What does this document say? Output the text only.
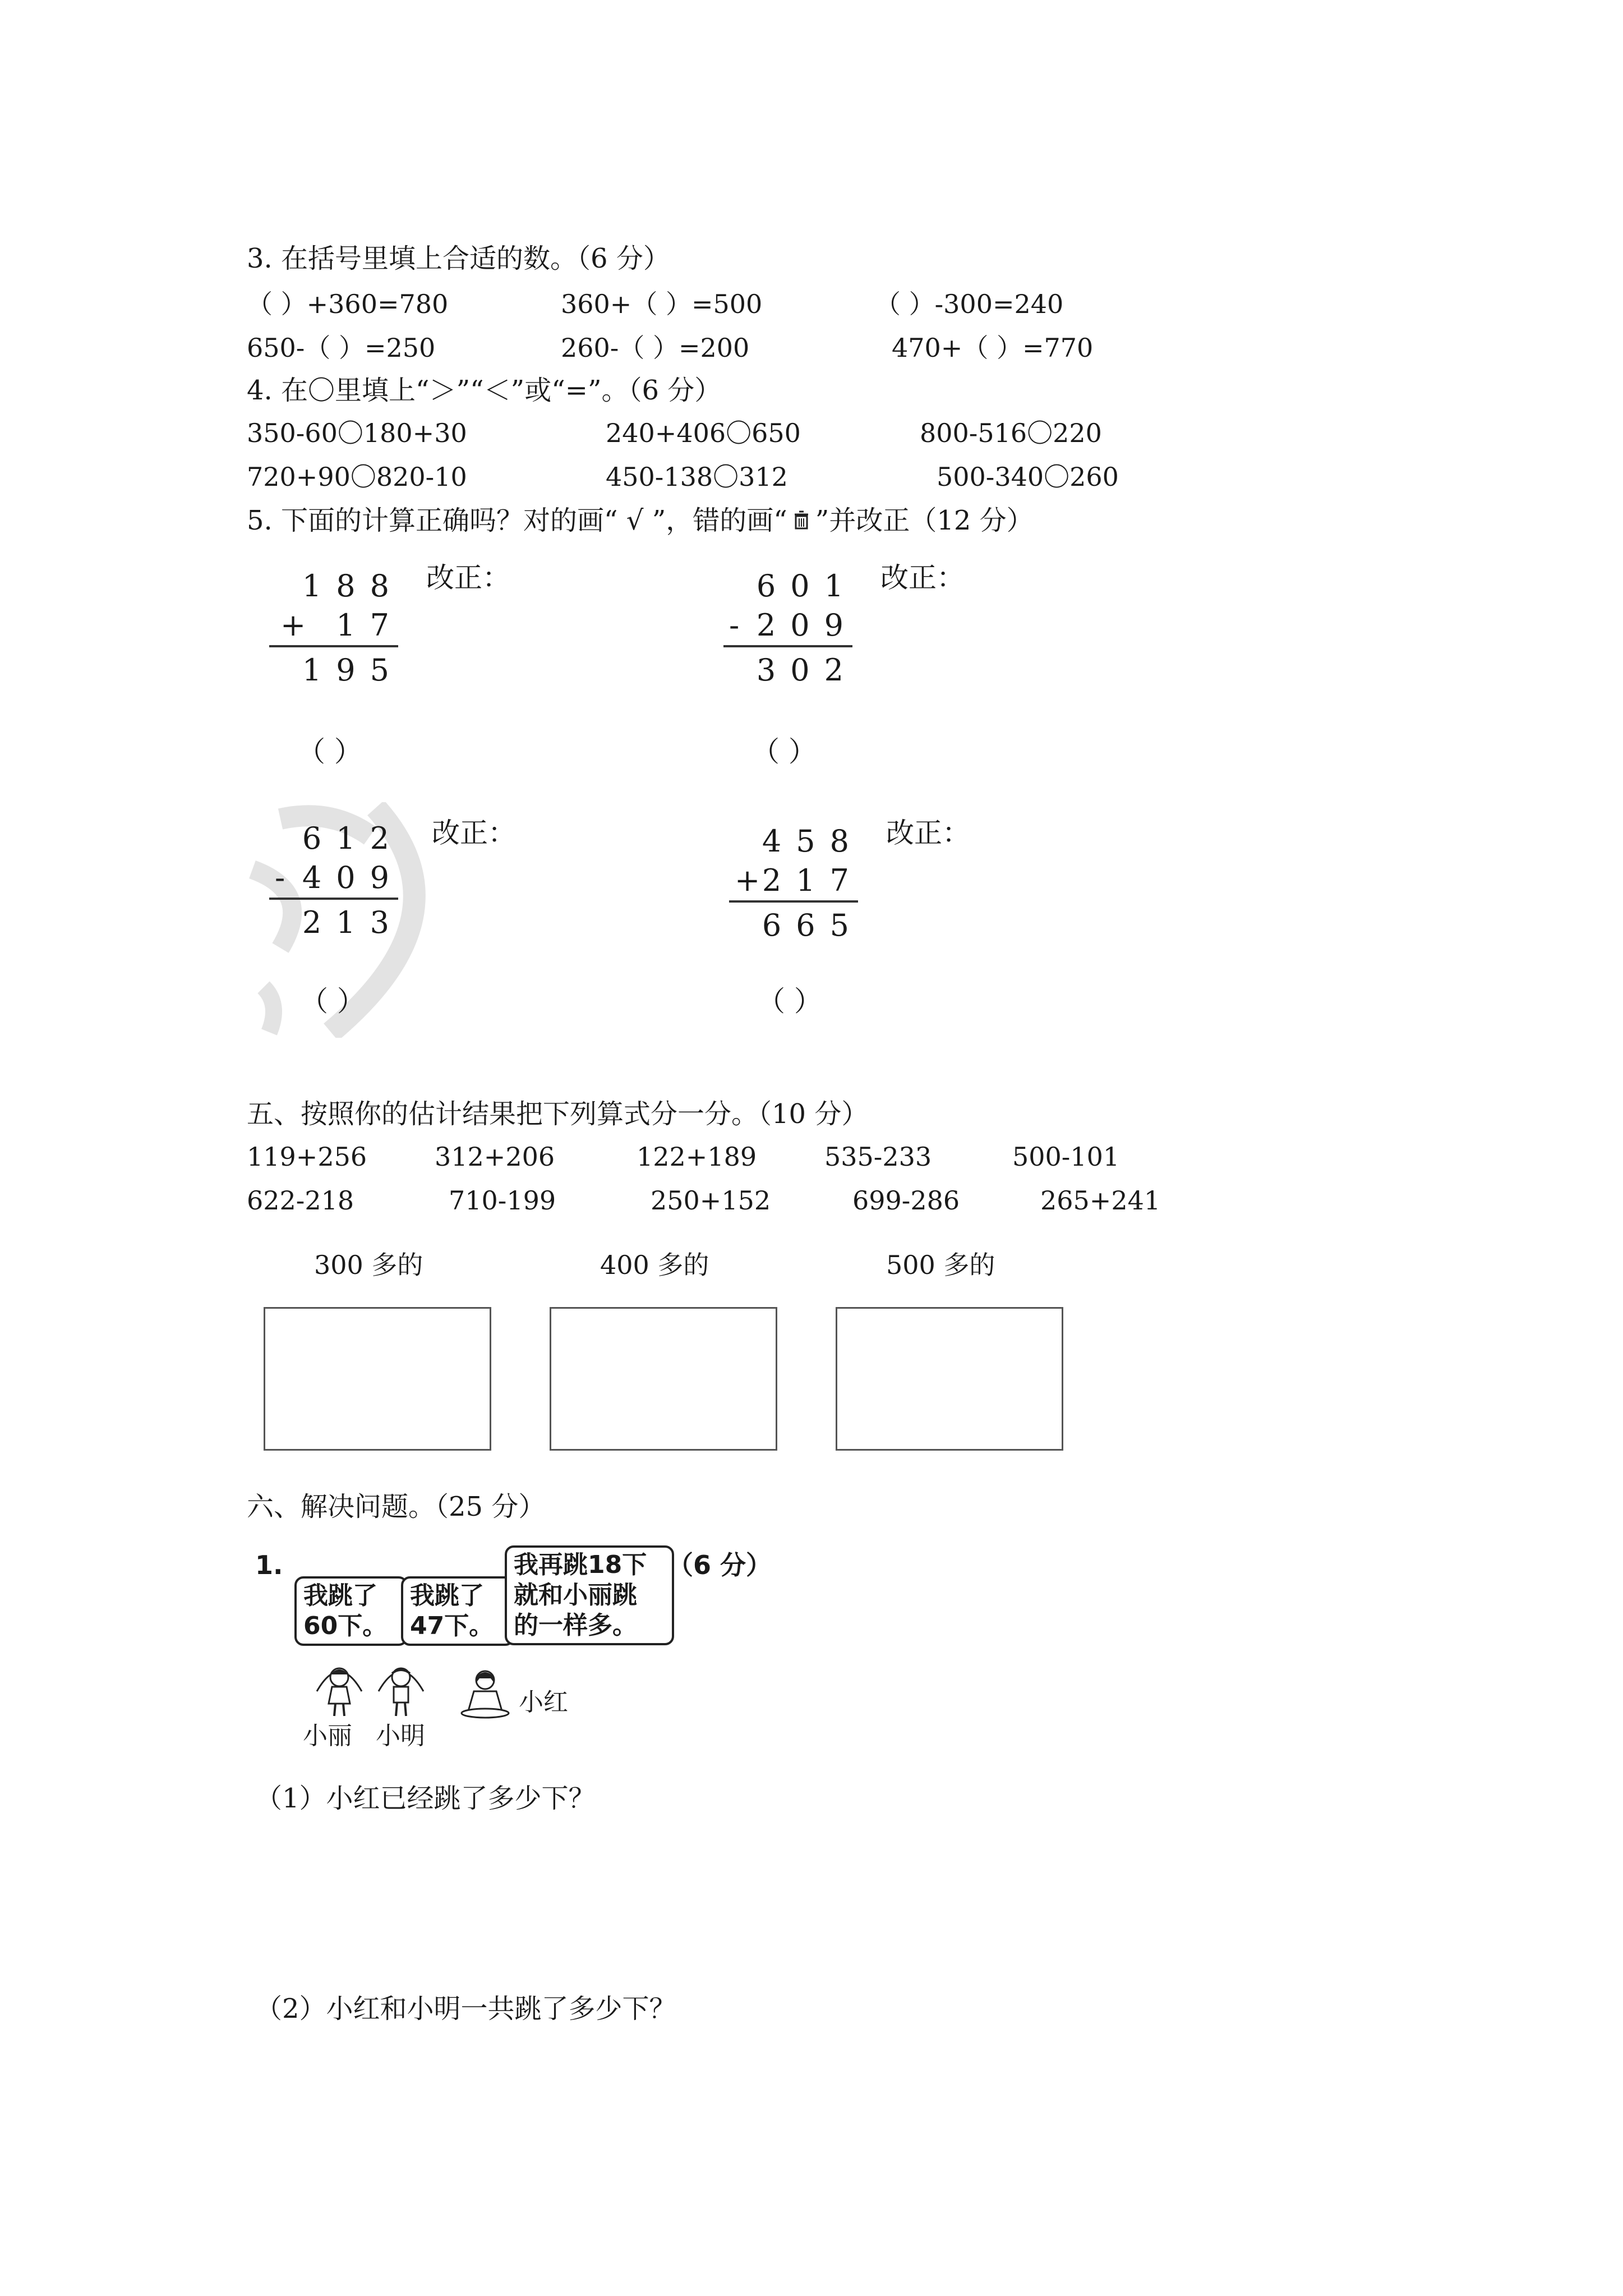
3. 在括号里填上合适的数。（6 分）
（ ）+360=780	360+（ ）=500	（ ）-300=240
650-（ ）=250	260-（ ）=200	470+（ ）=770
4. 在〇里填上“＞”“＜”或“=”。（6 分）
350-60〇180+30	240+406〇650	800-516〇220
720+90〇820-10	450-138〇312	500-340〇260
5. 下面的计算正确吗？对的画“ √ ”，错的画“ ”并改正（12 分）
188
+	17
195
改正：
（ ）
601
- 209
302
改正：
（ ）
612
- 409
213
改正：
（ ）
458
+ 217
665
改正：
（ ）
五、按照你的估计结果把下列算式分一分。（10 分）
119+256	312+206	122+189	535-233	500-101
622-218	710-199	250+152	699-286	265+241
300 多的	400 多的	500 多的
六、解决问题。（25 分）
1.
我跳了
60下。
我跳了
47下。
我再跳18下
就和小丽跳
的一样多。
（6 分）
小红
小丽 小明
（1）小红已经跳了多少下？
（2）小红和小明一共跳了多少下？
